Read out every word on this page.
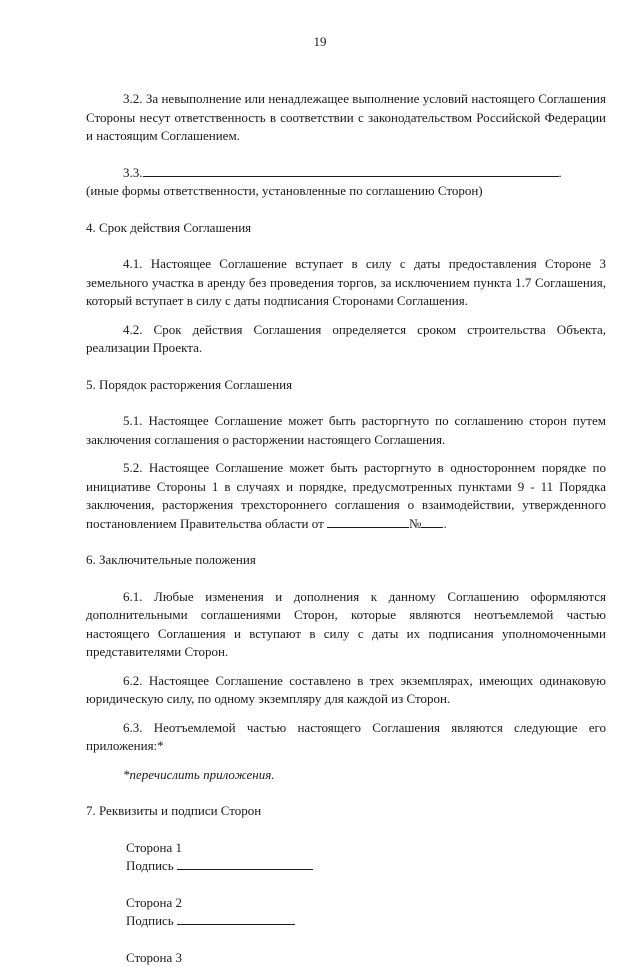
19

3.2. За невыполнение или ненадлежащее выполнение условий настоящего Соглашения Стороны несут ответственность в соответствии с законодательством Российской Федерации и настоящим Соглашением.

3.3.	.

(иные формы ответственности, установленные по соглашению Сторон)

4. Срок действия Соглашения

4.1. Настоящее Соглашение вступает в силу с даты предоставления Стороне 3 земельного участка в аренду без проведения торгов, за исключением пункта 1.7 Соглашения, который вступает в силу с даты подписания Сторонами Соглашения.

4.2. Срок действия Соглашения определяется сроком строительства Объекта, реализации Проекта.

5. Порядок расторжения Соглашения

5.1. Настоящее Соглашение может быть расторгнуто по соглашению сторон путем заключения соглашения о расторжении настоящего Соглашения.

5.2. Настоящее Соглашение может быть расторгнуто в одностороннем порядке по инициативе Стороны 1 в случаях и порядке, предусмотренных пунктами 9 - 11 Порядка заключения, расторжения трехстороннего соглашения о взаимодействии, утвержденного постановлением Правительства области от	№ .

6. Заключительные положения

6.1. Любые изменения и дополнения к данному Соглашению оформляются дополнительными соглашениями Сторон, которые являются неотъемлемой частью настоящего Соглашения и вступают в силу с даты их подписания уполномоченными представителями Сторон.

6.2. Настоящее Соглашение составлено в трех экземплярах, имеющих одинаковую юридическую силу, по одному экземпляру для каждой из Сторон.

6.3. Неотъемлемой частью настоящего Соглашения являются следующие его приложения:*

*перечислить приложения.

7. Реквизиты и подписи Сторон

Сторона 1

Подпись

Сторона 2

Подпись

Сторона 3
